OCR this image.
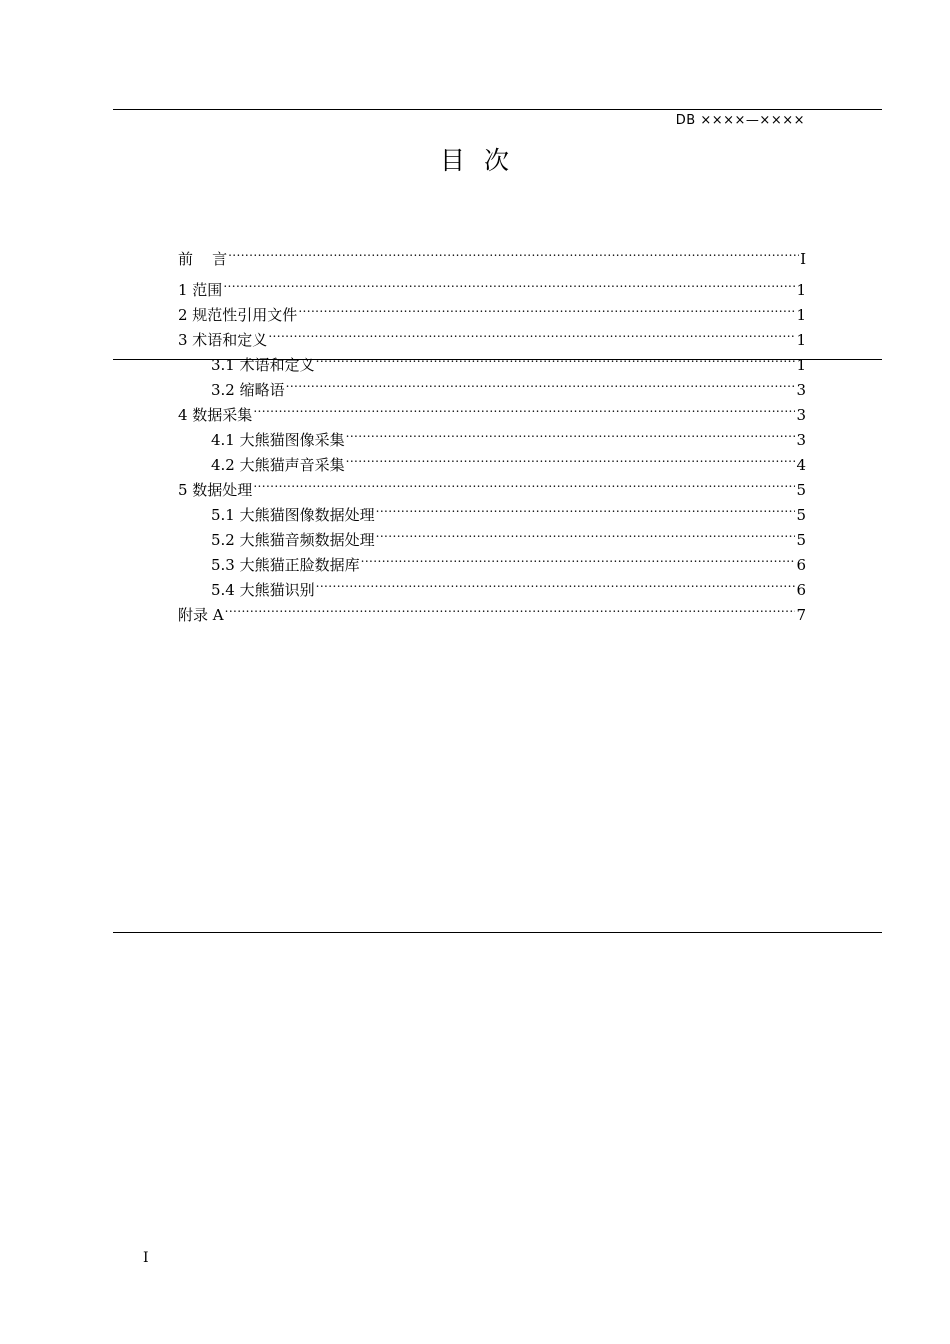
DB ××××—××××
目  次
前    言 .....	I
1 范围 .....	1
2 规范性引用文件 .....	1
3 术语和定义 .....	1
3.1 术语和定义 .....	1
3.2 缩略语 .....	3
4 数据采集 .....	3
4.1 大熊猫图像采集 .....	3
4.2 大熊猫声音采集 .....	4
5 数据处理 .....	5
5.1 大熊猫图像数据处理 .....	5
5.2 大熊猫音频数据处理 .....	5
5.3 大熊猫正脸数据库 .....	6
5.4 大熊猫识别 .....	6
附录 A .....	7
I
